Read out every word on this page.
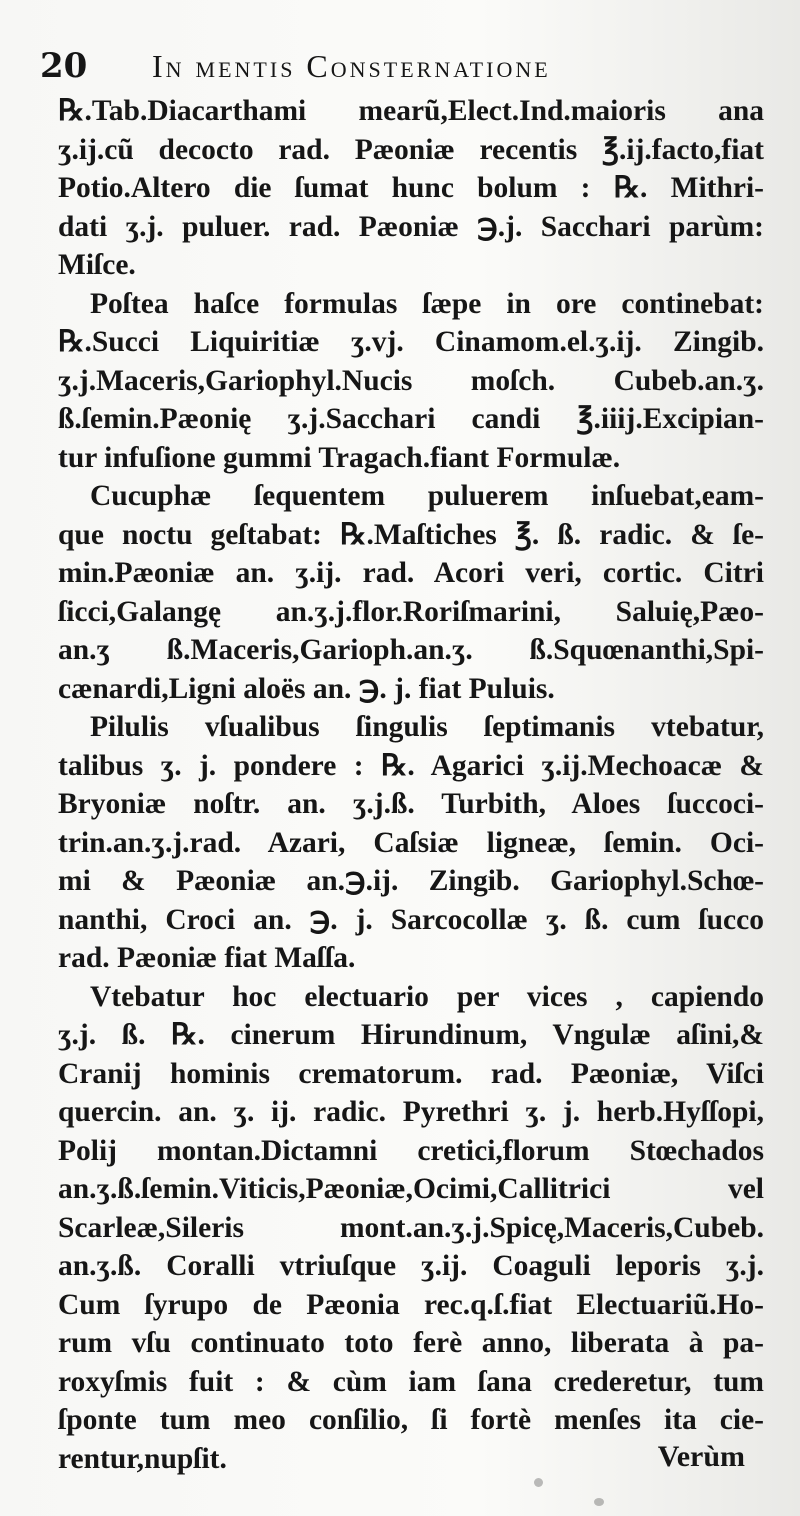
20	In mentis Consternatione
℞.Tab.Diacarthami mearũ,Elect.Ind.maioris ana
ʒ.ij.cũ decocto rad. Pæoniæ recentis ℥.ij.facto,fiat
Potio.Altero die ſumat hunc bolum : ℞. Mithri-
dati ʒ.j. puluer. rad. Pæoniæ ℈.j. Sacchari parùm:
Miſce.
Poſtea haſce formulas ſæpe in ore continebat:
℞.Succi Liquiritiæ ʒ.vj. Cinamom.el.ʒ.ij. Zingib.
ʒ.j.Maceris,Gariophyl.Nucis moſch. Cubeb.an.ʒ.
ß.ſemin.Pæonię ʒ.j.Sacchari candi ℥.iiij.Excipian-
tur infuſione gummi Tragach.fiant Formulæ.
Cucuphæ ſequentem puluerem inſuebat,eam-
que noctu geſtabat: ℞.Maſtiches ℥. ß. radic. & ſe-
min.Pæoniæ an. ʒ.ij. rad. Acori veri, cortic. Citri
ſicci,Galangę an.ʒ.j.flor.Roriſmarini, Saluię,Pæo-
an.ʒ ß.Maceris,Garioph.an.ʒ. ß.Squœnanthi,Spi-
cænardi,Ligni aloës an. ℈. j. fiat Puluis.
Pilulis vſualibus ſingulis ſeptimanis vtebatur,
talibus ʒ. j. pondere : ℞. Agarici ʒ.ij.Mechoacæ &
Bryoniæ noſtr. an. ʒ.j.ß. Turbith, Aloes ſuccoci-
trin.an.ʒ.j.rad. Azari, Caſsiæ ligneæ, ſemin. Oci-
mi & Pæoniæ an.℈.ij. Zingib. Gariophyl.Schœ-
nanthi, Croci an. ℈. j. Sarcocollæ ʒ. ß. cum ſucco
rad. Pæoniæ fiat Maſſa.
Vtebatur hoc electuario per vices , capiendo
ʒ.j. ß. ℞. cinerum Hirundinum, Vngulæ aſini,&
Cranij hominis crematorum. rad. Pæoniæ, Viſci
quercin. an. ʒ. ij. radic. Pyrethri ʒ. j. herb.Hyſſopi,
Polij montan.Dictamni cretici,florum Stœchados
an.ʒ.ß.ſemin.Viticis,Pæoniæ,Ocimi,Callitrici vel
Scarleæ,Sileris mont.an.ʒ.j.Spicę,Maceris,Cubeb.
an.ʒ.ß. Coralli vtriuſque ʒ.ij. Coaguli leporis ʒ.j.
Cum ſyrupo de Pæonia rec.q.ſ.fiat Electuariũ.Ho-
rum vſu continuato toto ferè anno, liberata à pa-
roxyſmis fuit : & cùm iam ſana crederetur, tum
ſponte tum meo conſilio, ſi fortè menſes ita cie-
rentur,nupſit.	Verùm
